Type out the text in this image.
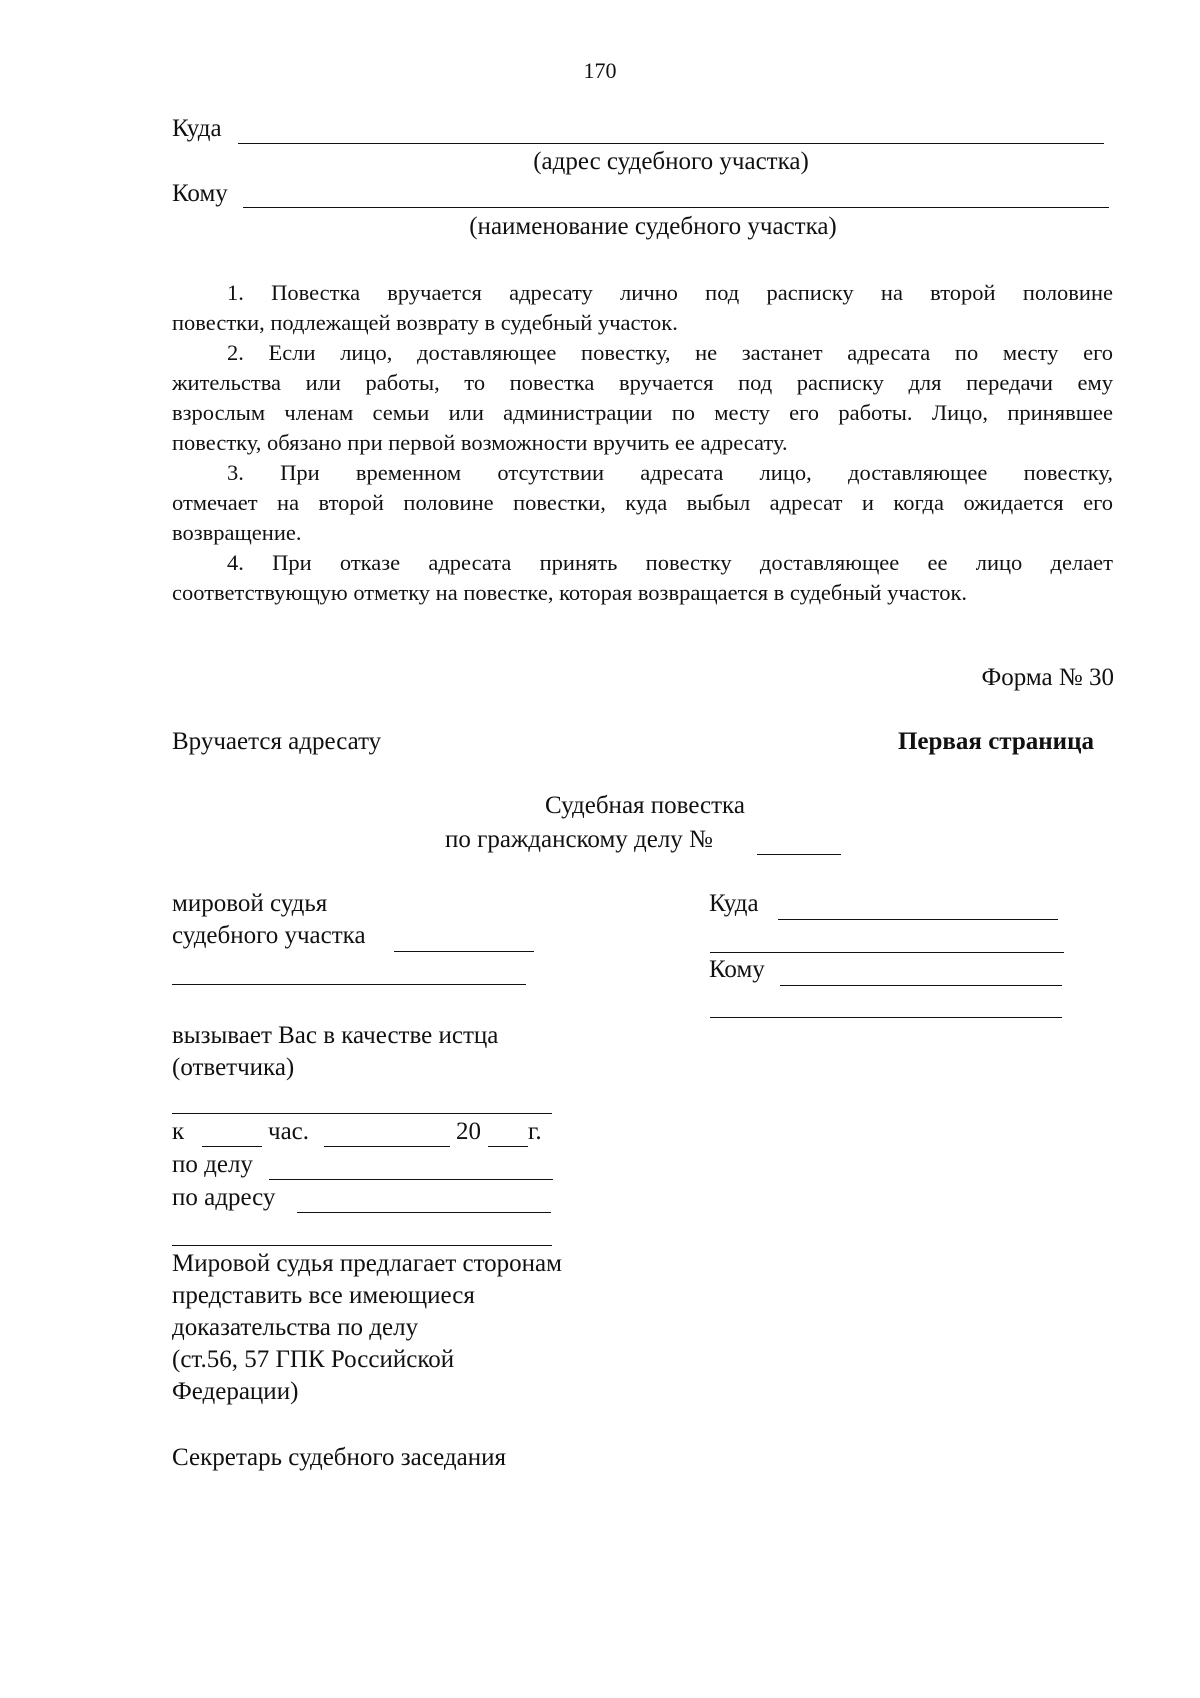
170
Куда
(адрес судебного участка)
Кому
(наименование судебного участка)
1. Повестка вручается адресату лично под расписку на второй половине
повестки, подлежащей возврату в судебный участок.
2. Если лицо, доставляющее повестку, не застанет адресата по месту его
жительства или работы, то повестка вручается под расписку для передачи ему
взрослым членам семьи или администрации по месту его работы. Лицо, принявшее
повестку, обязано при первой возможности вручить ее адресату.
3. При временном отсутствии адресата лицо, доставляющее повестку,
отмечает на второй половине повестки, куда выбыл адресат и когда ожидается его
возвращение.
4. При отказе адресата принять повестку доставляющее ее лицо делает
соответствующую отметку на повестке, которая возвращается в судебный участок.
Форма № 30
Вручается адресату	Первая страница
Судебная повестка
по гражданскому делу №
мировой судья
судебного участка
Куда
Кому
вызывает Вас в качестве истца
(ответчика)
к	час.	20 г.
по делу
по адресу
Мировой судья предлагает сторонам
представить все имеющиеся
доказательства по делу
(ст.56, 57 ГПК Российской
Федерации)
Секретарь судебного заседания
